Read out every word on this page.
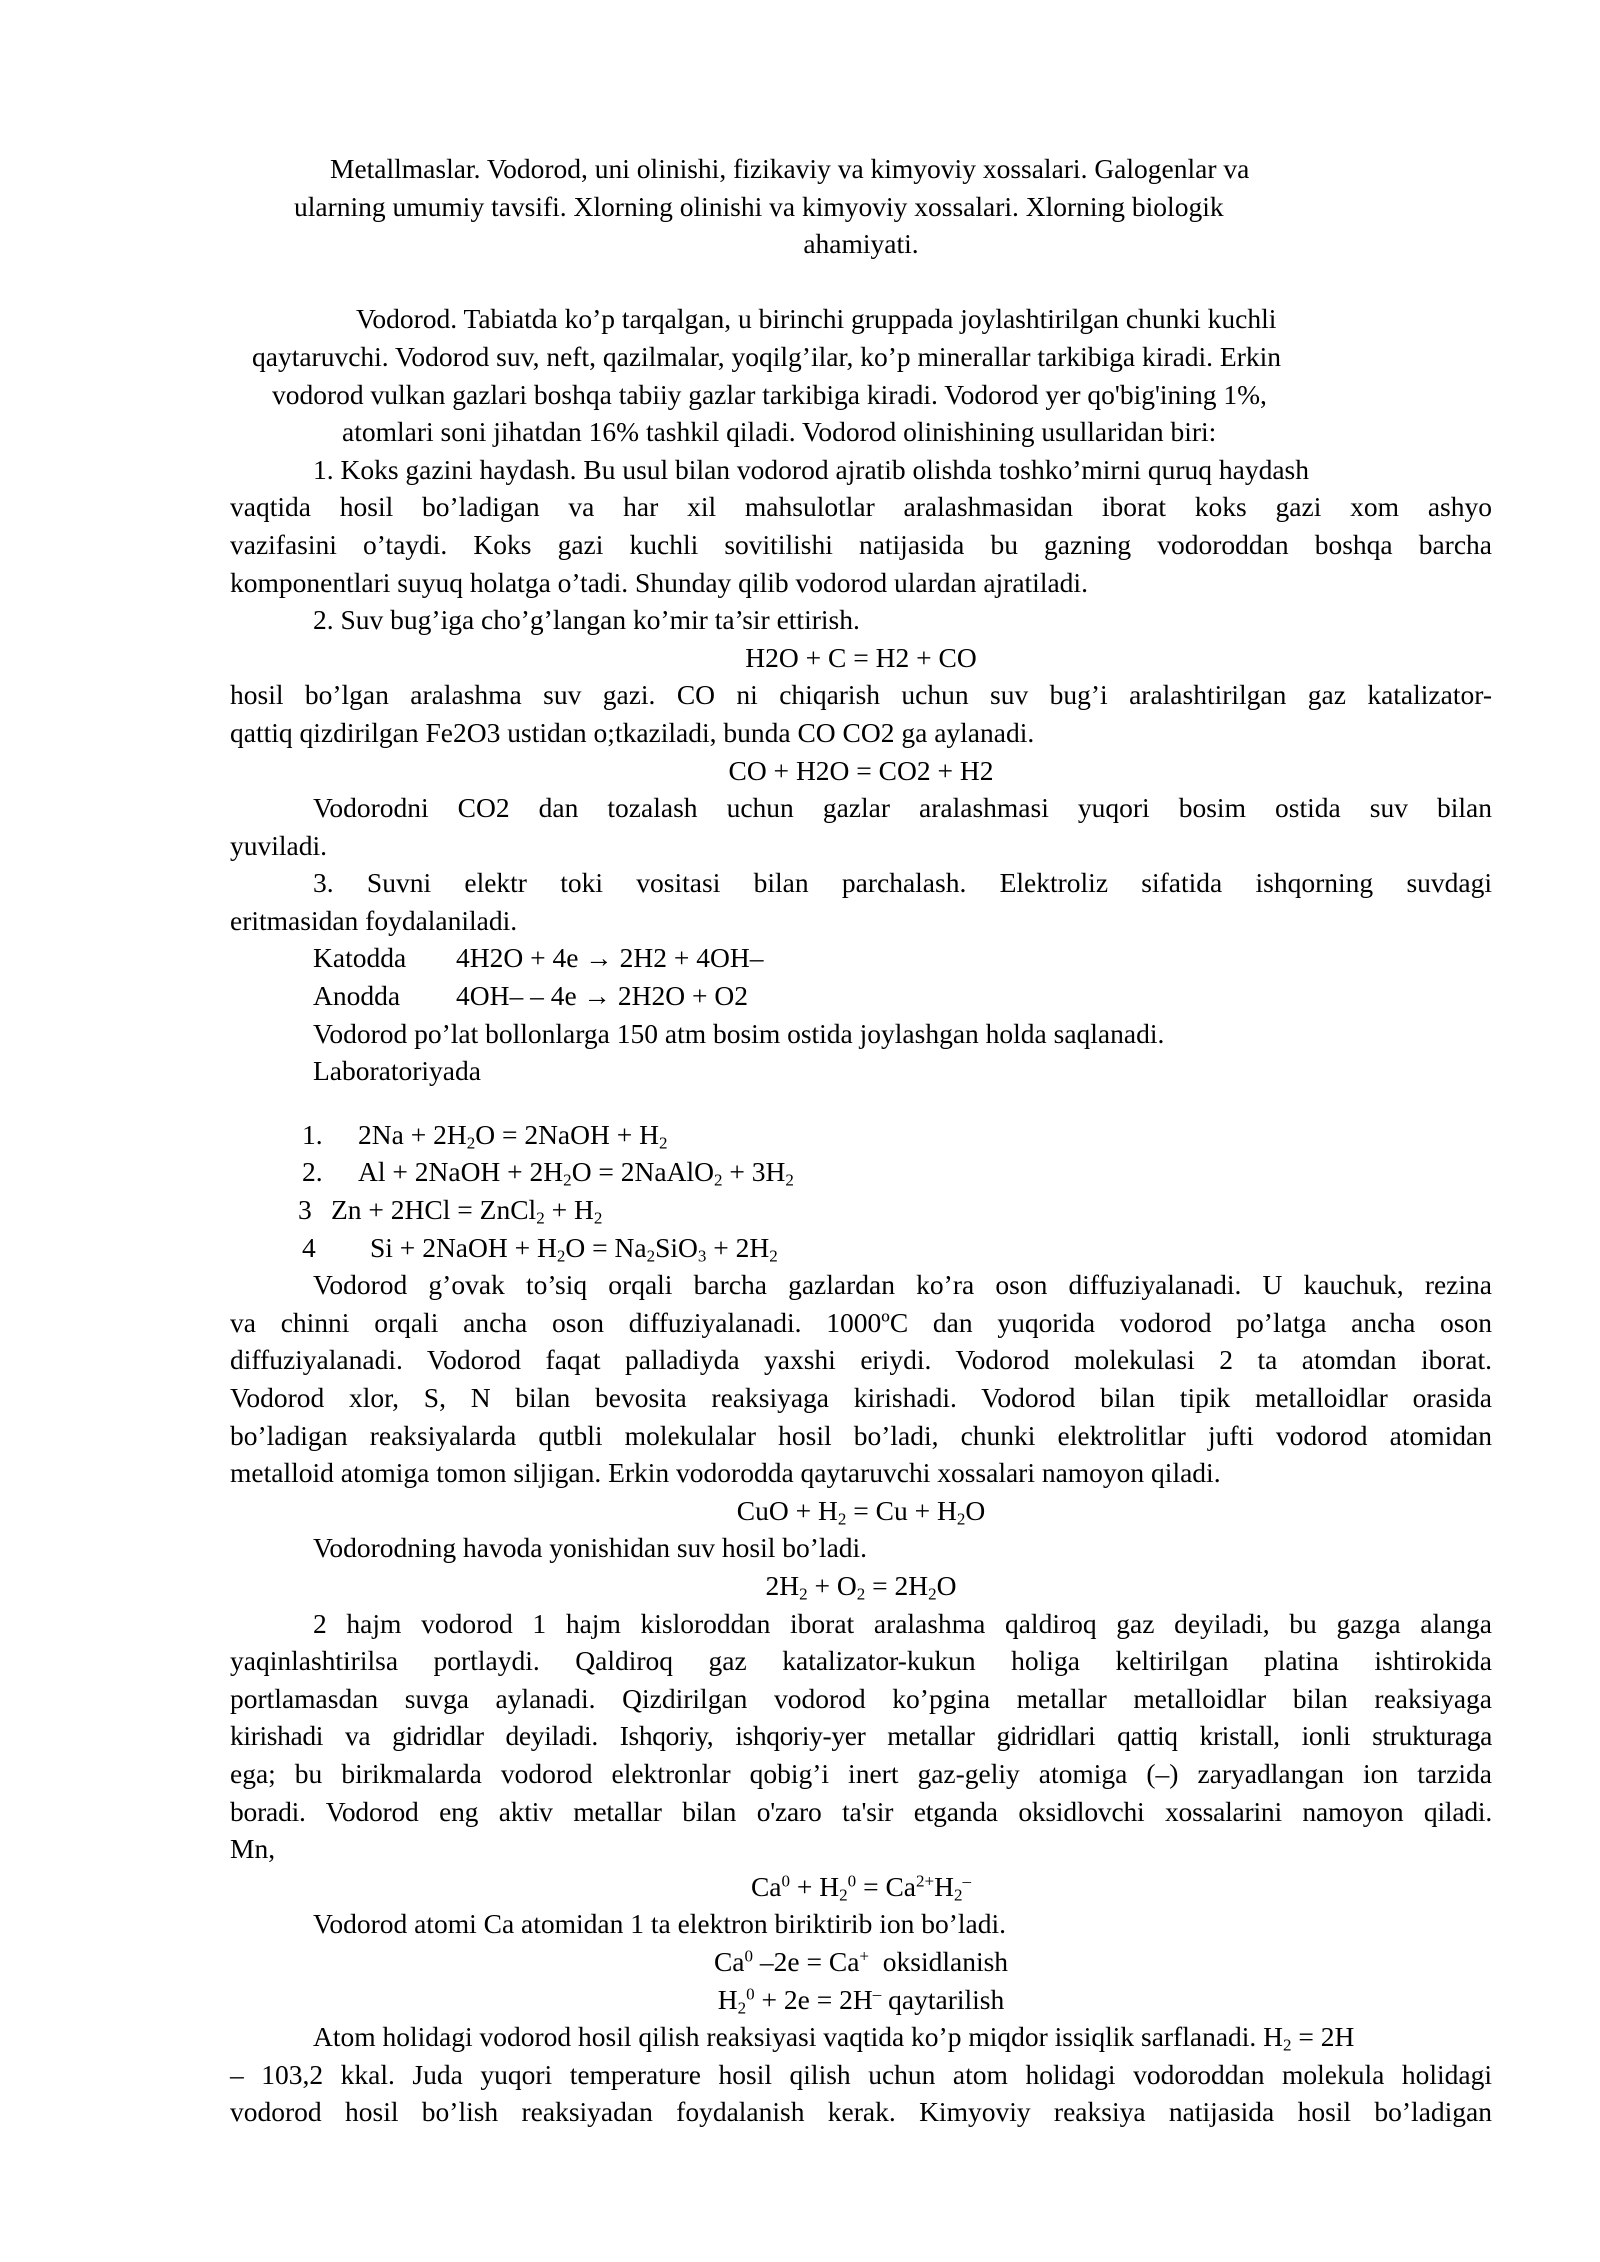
Metallmaslar. Vodorod, uni olinishi, fizikaviy va kimyoviy xossalari. Galogenlar va
ularning umumiy tavsifi. Xlorning olinishi va kimyoviy xossalari. Xlorning biologik
ahamiyati.
Vodorod. Tabiatda ko’p tarqalgan, u birinchi gruppada joylashtirilgan chunki kuchli
qaytaruvchi. Vodorod suv, neft, qazilmalar, yoqilg’ilar, ko’p minerallar tarkibiga kiradi. Erkin
vodorod vulkan gazlari boshqa tabiiy gazlar tarkibiga kiradi. Vodorod yer qo'big'ining 1%,
atomlari soni jihatdan 16% tashkil qiladi. Vodorod olinishining usullaridan biri:
1. Koks gazini haydash. Bu usul bilan vodorod ajratib olishda toshko’mirni quruq haydash
vaqtida hosil bo’ladigan va har xil mahsulotlar aralashmasidan iborat koks gazi xom ashyo
vazifasini o’taydi. Koks gazi kuchli sovitilishi natijasida bu gazning vodoroddan boshqa barcha
komponentlari suyuq holatga o’tadi. Shunday qilib vodorod ulardan ajratiladi.
2. Suv bug’iga cho’g’langan ko’mir ta’sir ettirish.
H2O + C = H2 + CO
hosil bo’lgan aralashma suv gazi. CO ni chiqarish uchun suv bug’i aralashtirilgan gaz katalizator-
qattiq qizdirilgan Fe2O3 ustidan o;tkaziladi, bunda CO CO2 ga aylanadi.
CO + H2O = CO2 + H2
Vodorodni CO2 dan tozalash uchun gazlar aralashmasi yuqori bosim ostida suv bilan
yuviladi.
3. Suvni elektr toki vositasi bilan parchalash. Elektroliz sifatida ishqorning suvdagi
eritmasidan foydalaniladi.
Katodda 4H2O + 4e → 2H2 + 4OH–
Anodda 4OH– – 4e → 2H2O + O2
Vodorod po’lat bollonlarga 150 atm bosim ostida joylashgan holda saqlanadi.
Laboratoriyada
1. $2Na + 2H_2O$ = 2NaOH + $H_2$
2. Al + 2NaOH + $2H_2O$ = 2NaAlO$_2$ + $3H_2$
3 Zn + 2HCl = ZnCl$_2$ + $H_2$
4 Si + 2NaOH + $H_2O = Na_2SiO_3 + 2H_2$
Vodorod g’ovak to’siq orqali barcha gazlardan ko’ra oson diffuziyalanadi. U kauchuk, rezina
va chinni orqali ancha oson diffuziyalanadi. 1000ºC dan yuqorida vodorod po’latga ancha oson
diffuziyalanadi. Vodorod faqat palladiyda yaxshi eriydi. Vodorod molekulasi 2 ta atomdan iborat.
Vodorod xlor, S, N bilan bevosita reaksiyaga kirishadi. Vodorod bilan tipik metalloidlar orasida
bo’ladigan reaksiyalarda qutbli molekulalar hosil bo’ladi, chunki elektrolitlar jufti vodorod atomidan
metalloid atomiga tomon siljigan. Erkin vodorodda qaytaruvchi xossalari namoyon qiladi.
CuO + $H_2 = Cu + H_2O$
Vodorodning havoda yonishidan suv hosil bo’ladi.
$2H_2 + O_2 = 2H_2O$
2 hajm vodorod 1 hajm kisloroddan iborat aralashma qaldiroq gaz deyiladi, bu gazga alanga
yaqinlashtirilsa portlaydi. Qaldiroq gaz katalizator-kukun holiga keltirilgan platina ishtirokida
portlamasdan suvga aylanadi. Qizdirilgan vodorod ko’pgina metallar metalloidlar bilan reaksiyaga
kirishadi va gidridlar deyiladi. Ishqoriy, ishqoriy-yer metallar gidridlari qattiq kristall, ionli strukturaga
ega; bu birikmalarda vodorod elektronlar qobig’i inert gaz-geliy atomiga (–) zaryadlangan ion tarzida
boradi. Vodorod eng aktiv metallar bilan o'zaro ta'sir etganda oksidlovchi xossalarini namoyon qiladi.
Mn,
$Ca^0 + H_2^0 = Ca^{2+}H_2^-$
Vodorod atomi Ca atomidan 1 ta elektron biriktirib ion bo’ladi.
Ca$^0$ –2e = Ca+  oksidlanish
$H_2^0 + 2e = 2H^-$ qaytarilish
Atom holidagi vodorod hosil qilish reaksiyasi vaqtida ko’p miqdor issiqlik sarflanadi. $H_2 = 2H$
– 103,2 kkal. Juda yuqori temperature hosil qilish uchun atom holidagi vodoroddan molekula holidagi
vodorod hosil bo’lish reaksiyadan foydalanish kerak. Kimyoviy reaksiya natijasida hosil bo’ladigan
